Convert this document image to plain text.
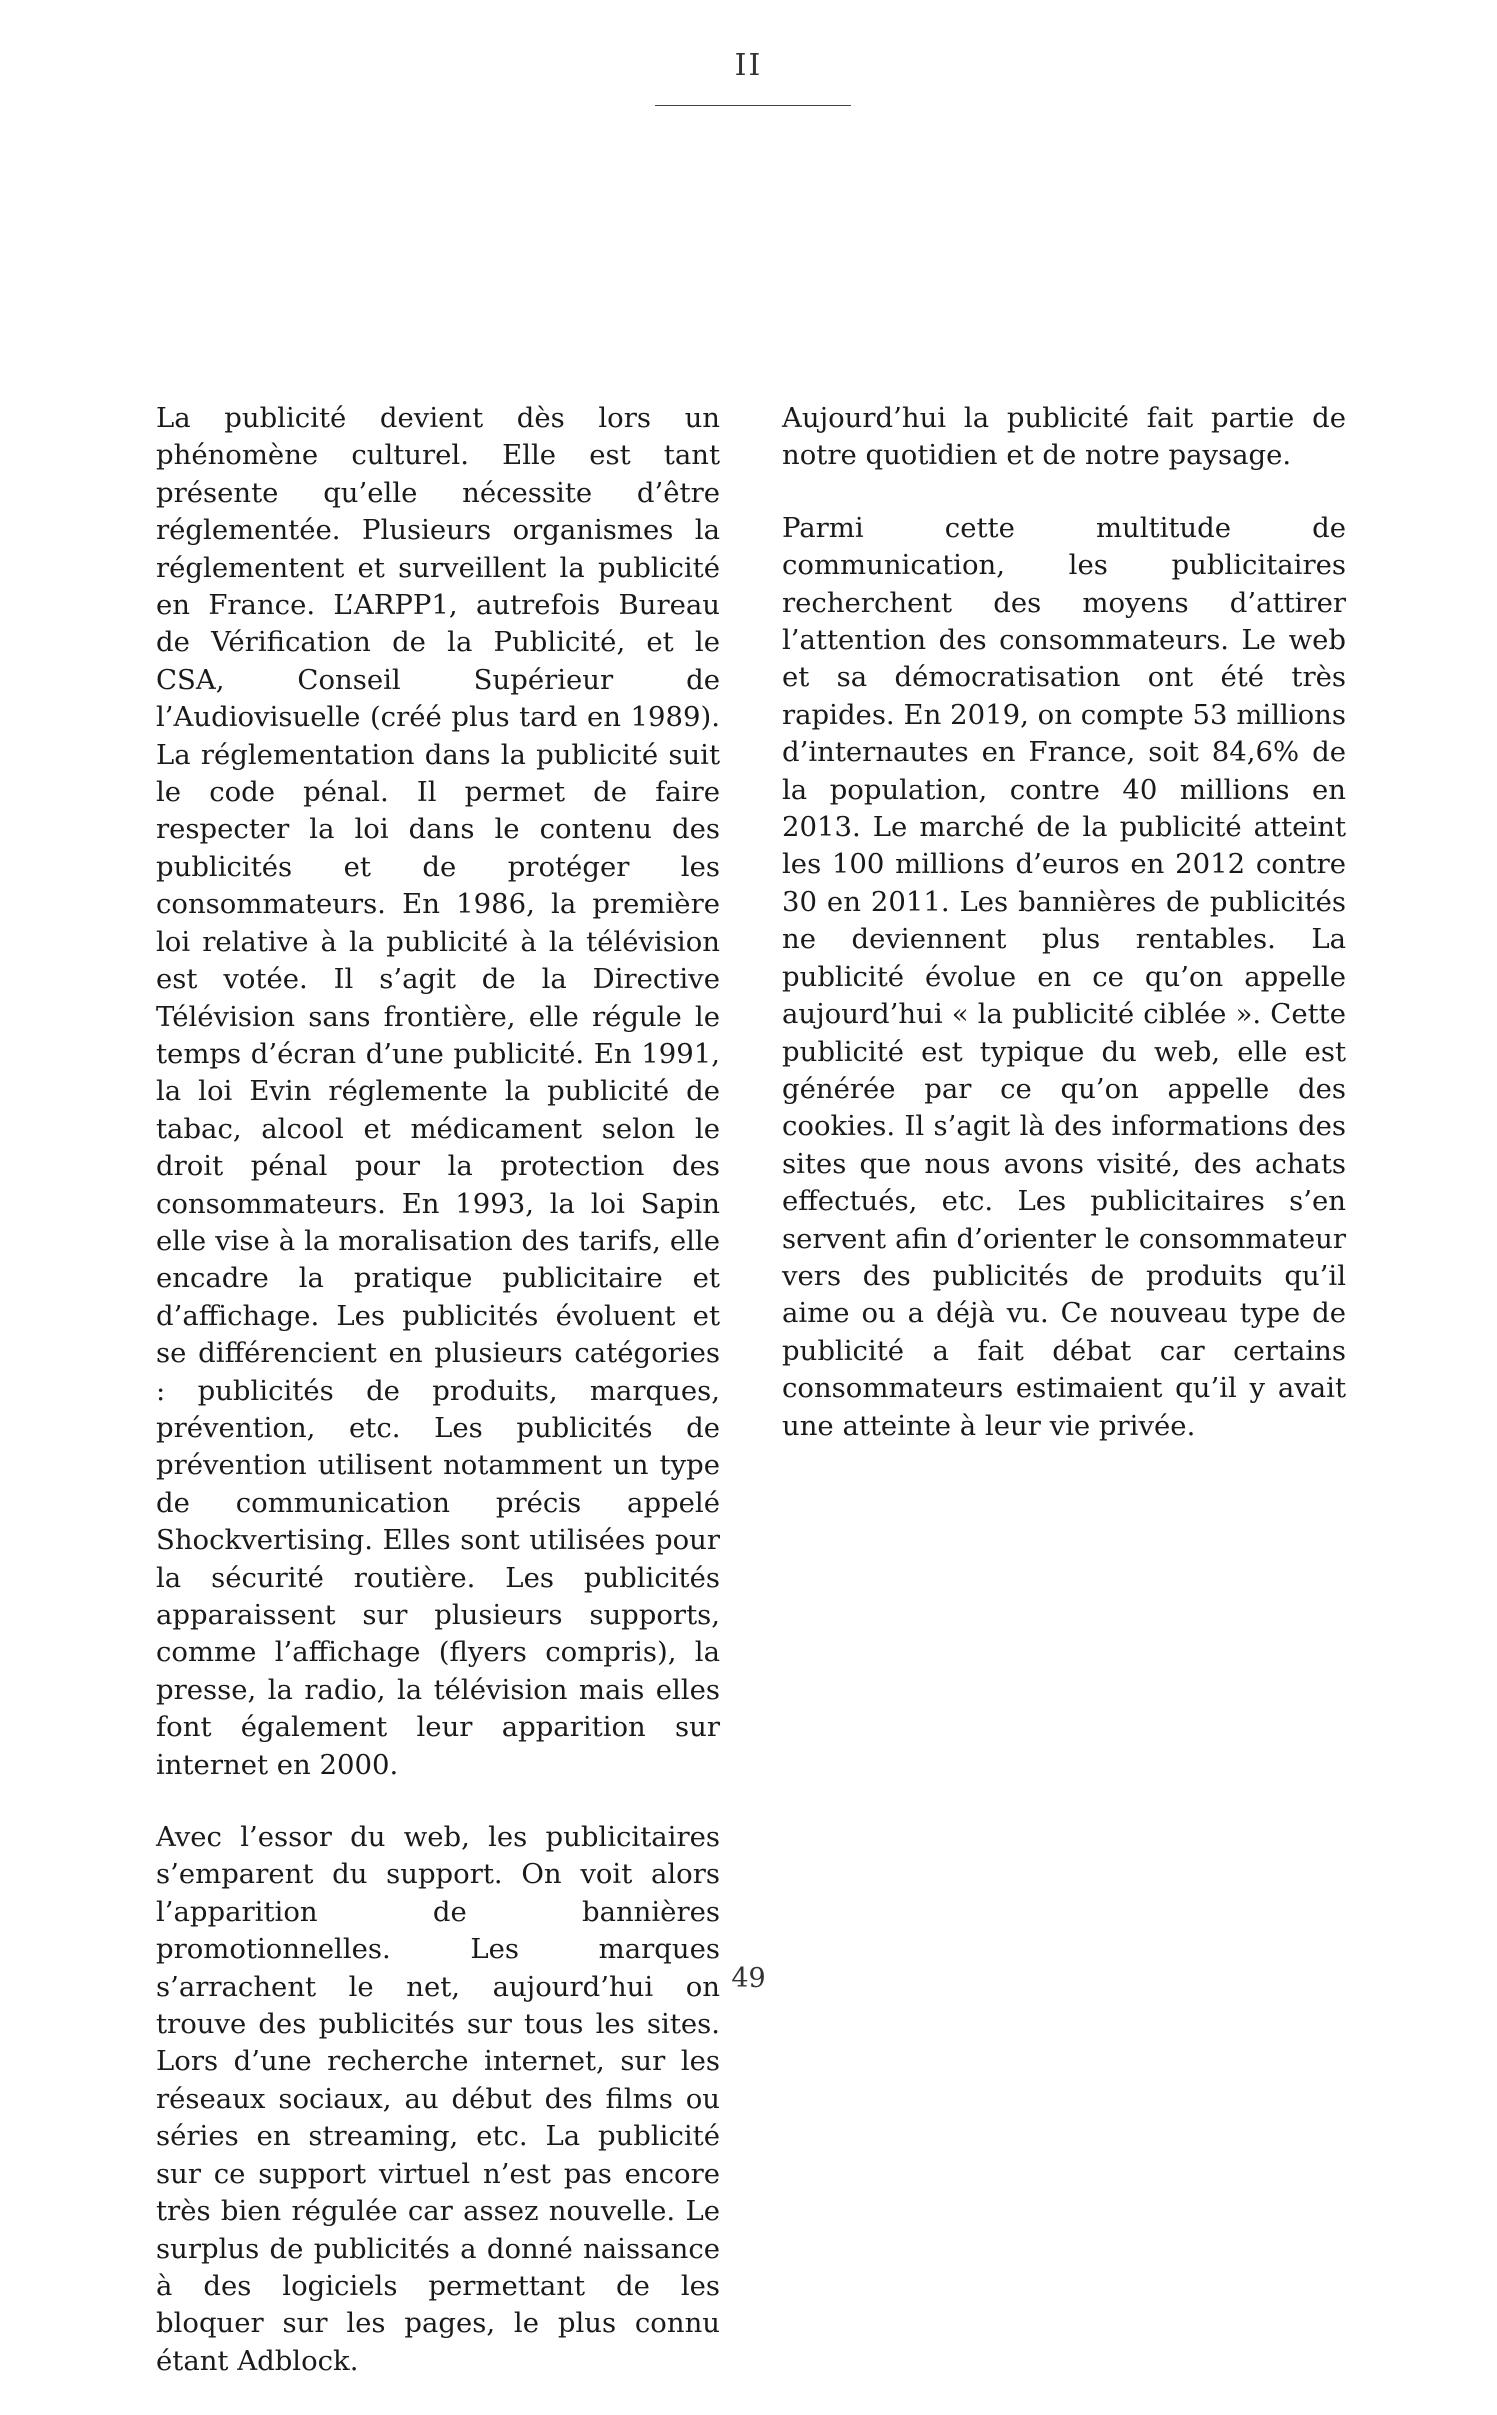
II

La publicité devient dès lors un phénomène culturel. Elle est tant présente qu’elle nécessite d’être réglementée. Plusieurs organismes la réglementent et surveillent la publicité en France. L’ARPP1, autrefois Bureau de Vérification de la Publicité, et le CSA, Conseil Supérieur de l’Audiovisuelle (créé plus tard en 1989). La réglementation dans la publicité suit le code pénal. Il permet de faire respecter la loi dans le contenu des publicités et de protéger les consommateurs. En 1986, la première loi relative à la publicité à la télévision est votée. Il s’agit de la Directive Télévision sans frontière, elle régule le temps d’écran d’une publicité. En 1991, la loi Evin réglemente la publicité de tabac, alcool et médicament selon le droit pénal pour la protection des consommateurs. En 1993, la loi Sapin elle vise à la moralisation des tarifs, elle encadre la pratique publicitaire et d’affichage. Les publicités évoluent et se différencient en plusieurs catégories : publicités de produits, marques, prévention, etc. Les publicités de prévention utilisent notamment un type de communication précis appelé Shockvertising. Elles sont utilisées pour la sécurité routière. Les publicités apparaissent sur plusieurs supports, comme l’affichage (flyers compris), la presse, la radio, la télévision mais elles font également leur apparition sur internet en 2000.

Avec l’essor du web, les publicitaires s’emparent du support. On voit alors l’apparition de bannières promotionnelles. Les marques s’arrachent le net, aujourd’hui on trouve des publicités sur tous les sites. Lors d’une recherche internet, sur les réseaux sociaux, au début des films ou séries en streaming, etc. La publicité sur ce support virtuel n’est pas encore très bien régulée car assez nouvelle. Le surplus de publicités a donné naissance à des logiciels permettant de les bloquer sur les pages, le plus connu étant Adblock.

Aujourd’hui la publicité fait partie de notre quotidien et de notre paysage.

Parmi cette multitude de communication, les publicitaires recherchent des moyens d’attirer l’attention des consommateurs. Le web et sa démocratisation ont été très rapides. En 2019, on compte 53 millions d’internautes en France, soit 84,6% de la population, contre 40 millions en 2013. Le marché de la publicité atteint les 100 millions d’euros en 2012 contre 30 en 2011. Les bannières de publicités ne deviennent plus rentables. La publicité évolue en ce qu’on appelle aujourd’hui « la publicité ciblée ». Cette publicité est typique du web, elle est générée par ce qu’on appelle des cookies. Il s’agit là des informations des sites que nous avons visité, des achats effectués, etc. Les publicitaires s’en servent afin d’orienter le consommateur vers des publicités de produits qu’il aime ou a déjà vu. Ce nouveau type de publicité a fait débat car certains consommateurs estimaient qu’il y avait une atteinte à leur vie privée.

49
